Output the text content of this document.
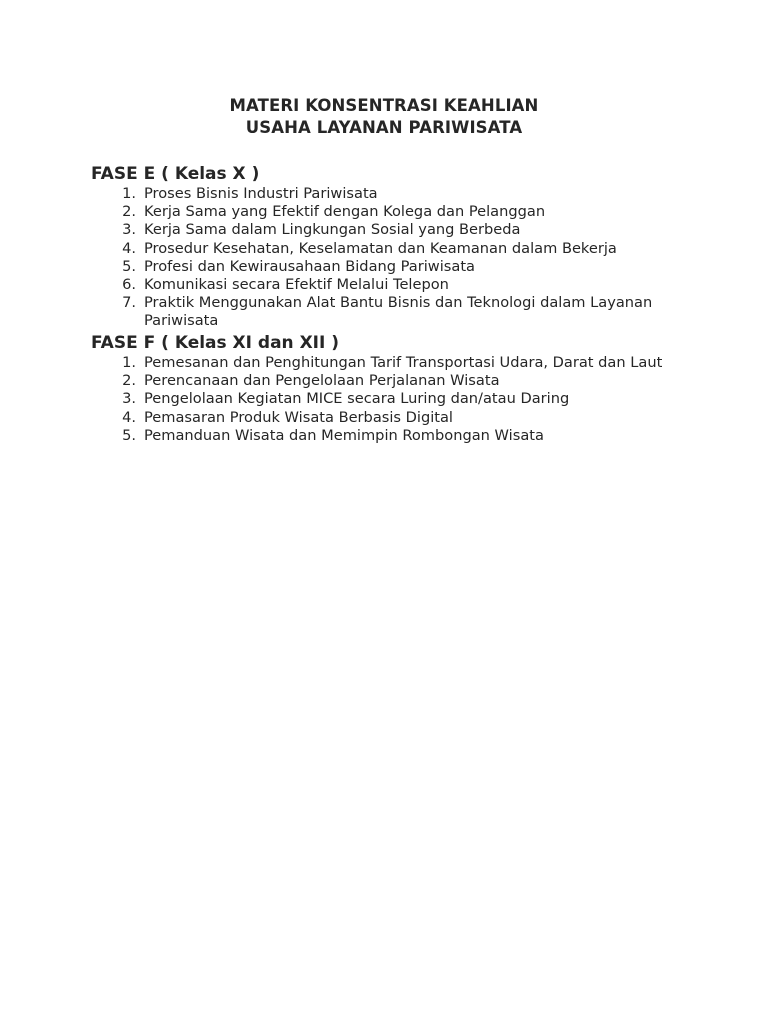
MATERI KONSENTRASI KEAHLIAN
USAHA LAYANAN PARIWISATA
FASE E ( Kelas X )
1. Proses Bisnis Industri Pariwisata
2. Kerja Sama yang Efektif dengan Kolega dan Pelanggan
3. Kerja Sama dalam Lingkungan Sosial yang Berbeda
4. Prosedur Kesehatan, Keselamatan dan Keamanan dalam Bekerja
5. Profesi dan Kewirausahaan Bidang Pariwisata
6. Komunikasi secara Efektif Melalui Telepon
7. Praktik Menggunakan Alat Bantu Bisnis dan Teknologi dalam Layanan Pariwisata
FASE F ( Kelas XI dan XII )
1. Pemesanan dan Penghitungan Tarif Transportasi Udara, Darat dan Laut
2. Perencanaan dan Pengelolaan Perjalanan Wisata
3. Pengelolaan Kegiatan MICE secara Luring dan/atau Daring
4. Pemasaran Produk Wisata Berbasis Digital
5. Pemanduan Wisata dan Memimpin Rombongan Wisata
